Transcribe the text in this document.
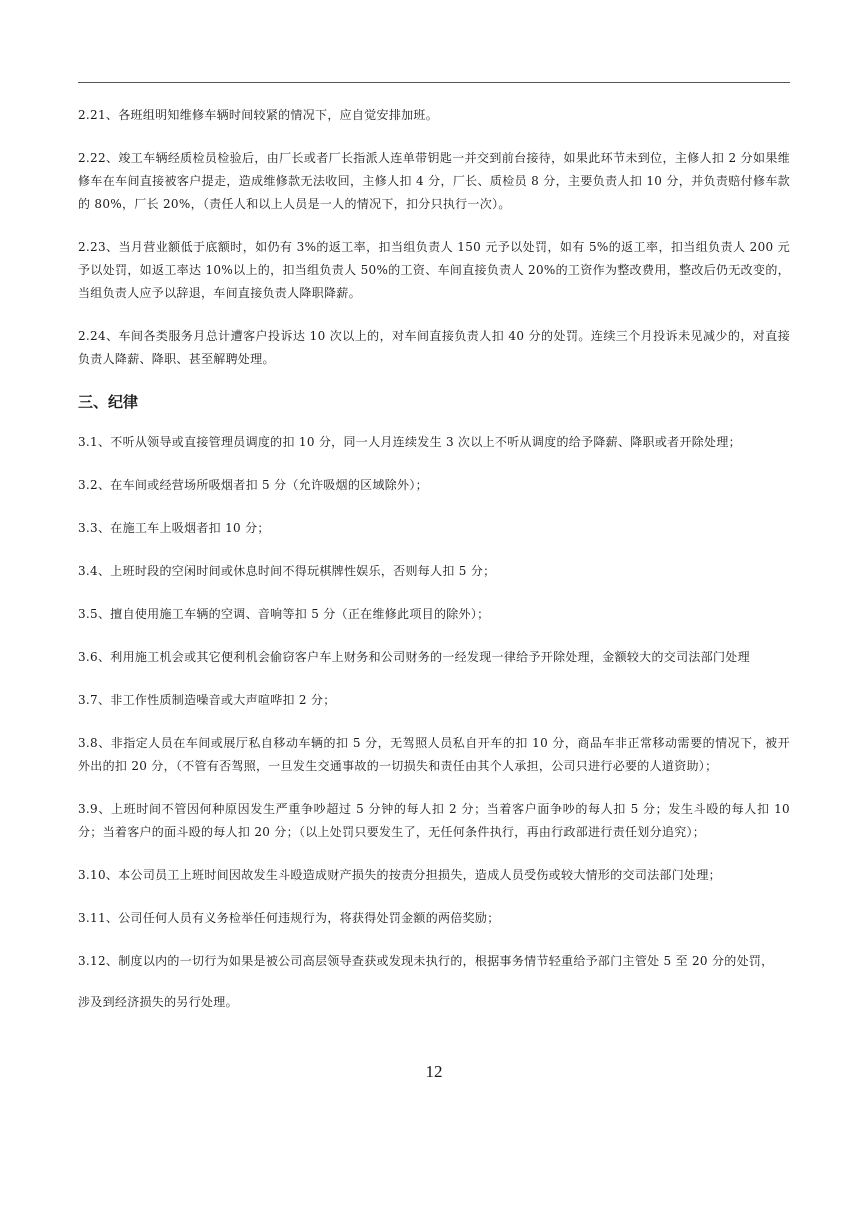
2.21、各班组明知维修车辆时间较紧的情况下，应自觉安排加班。

2.22、竣工车辆经质检员检验后，由厂长或者厂长指派人连单带钥匙一并交到前台接待，如果此环节未到位，主修人扣 2 分如果维修车在车间直接被客户提走，造成维修款无法收回，主修人扣 4 分，厂长、质检员 8 分，主要负责人扣 10 分，并负责赔付修车款的 80%，厂长 20%，（责任人和以上人员是一人的情况下，扣分只执行一次）。

2.23、当月营业额低于底额时，如仍有 3%的返工率，扣当组负责人 150 元予以处罚，如有 5%的返工率，扣当组负责人 200 元予以处罚，如返工率达 10%以上的，扣当组负责人 50%的工资、车间直接负责人 20%的工资作为整改费用，整改后仍无改变的，当组负责人应予以辞退，车间直接负责人降职降薪。

2.24、车间各类服务月总计遭客户投诉达 10 次以上的，对车间直接负责人扣 40 分的处罚。连续三个月投诉未见减少的，对直接负责人降薪、降职、甚至解聘处理。

三、纪律

3.1、不听从领导或直接管理员调度的扣 10 分，同一人月连续发生 3 次以上不听从调度的给予降薪、降职或者开除处理；

3.2、在车间或经营场所吸烟者扣 5 分（允许吸烟的区域除外）；

3.3、在施工车上吸烟者扣 10 分；

3.4、上班时段的空闲时间或休息时间不得玩棋牌性娱乐，否则每人扣 5 分；

3.5、擅自使用施工车辆的空调、音响等扣 5 分（正在维修此项目的除外）；

3.6、利用施工机会或其它便利机会偷窃客户车上财务和公司财务的一经发现一律给予开除处理，金额较大的交司法部门处理

3.7、非工作性质制造噪音或大声喧哗扣 2 分；

3.8、非指定人员在车间或展厅私自移动车辆的扣 5 分，无驾照人员私自开车的扣 10 分，商品车非正常移动需要的情况下，被开外出的扣 20 分，（不管有否驾照，一旦发生交通事故的一切损失和责任由其个人承担，公司只进行必要的人道资助）；

3.9、上班时间不管因何种原因发生严重争吵超过 5 分钟的每人扣 2 分；当着客户面争吵的每人扣 5 分；发生斗殴的每人扣 10 分；当着客户的面斗殴的每人扣 20 分；（以上处罚只要发生了，无任何条件执行，再由行政部进行责任划分追究）；

3.10、本公司员工上班时间因故发生斗殴造成财产损失的按责分担损失，造成人员受伤或较大情形的交司法部门处理；

3.11、公司任何人员有义务检举任何违规行为，将获得处罚金额的两倍奖励；

3.12、制度以内的一切行为如果是被公司高层领导查获或发现未执行的，根据事务情节轻重给予部门主管处 5 至 20 分的处罚，

涉及到经济损失的另行处理。

12
